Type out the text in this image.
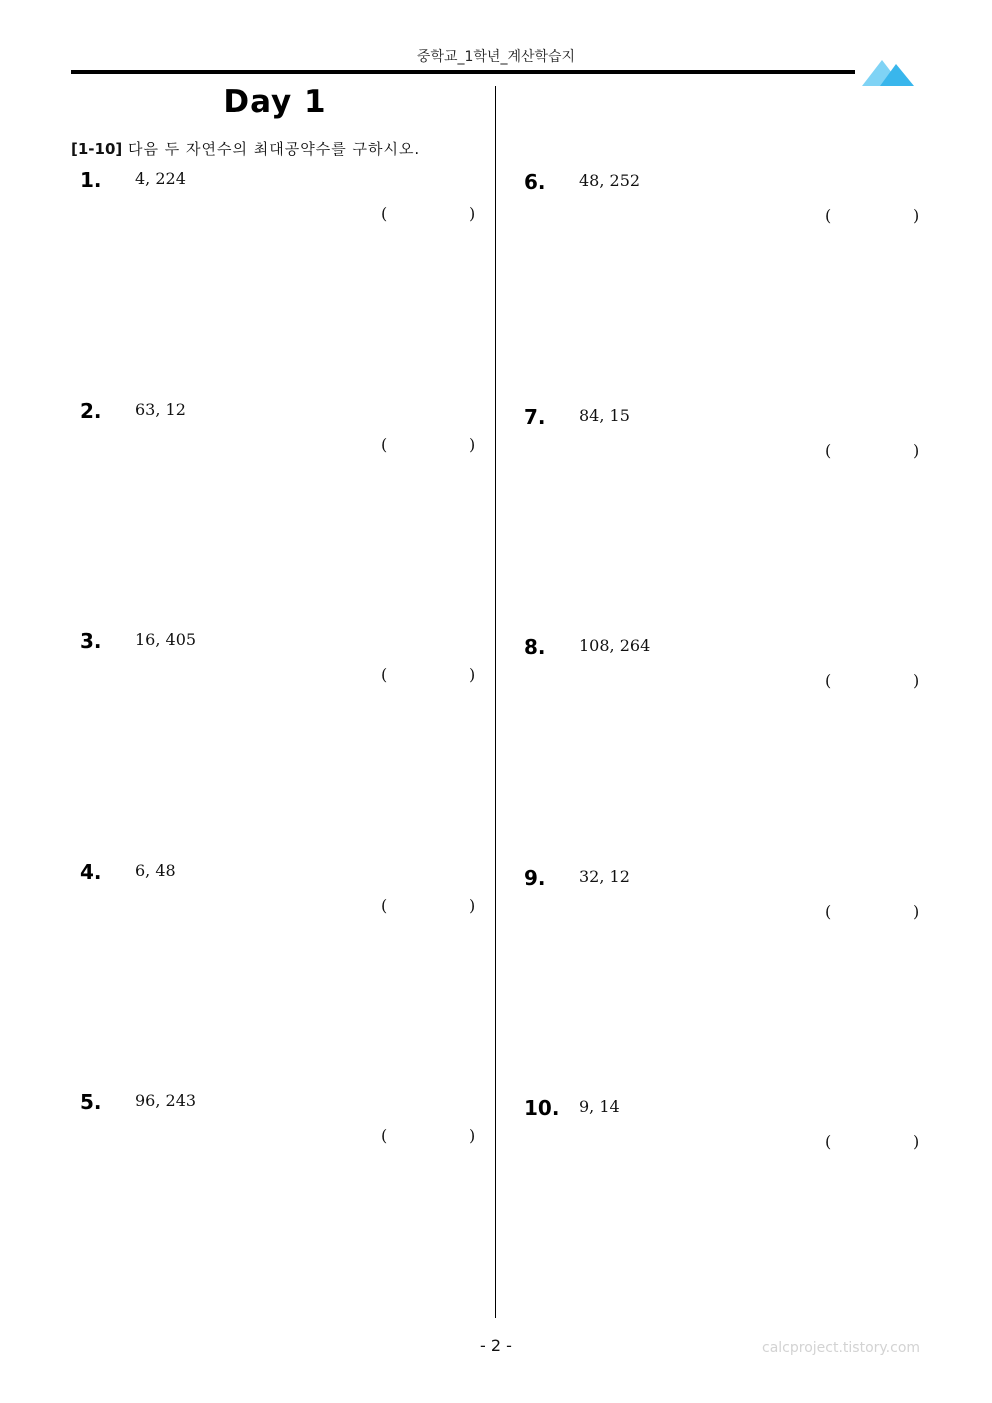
중학교_1학년_계산학습지
Day 1
[1-10] 다음 두 자연수의 최대공약수를 구하시오.
1. 4, 224
(	)
2. 63, 12
(	)
3. 16, 405
(	)
4. 6, 48
(	)
5. 96, 243
(	)
6. 48, 252
(	)
7. 84, 15
(	)
8. 108, 264
(	)
9. 32, 12
(	)
10. 9, 14
(	)
- 2 -	calcproject.tistory.com
